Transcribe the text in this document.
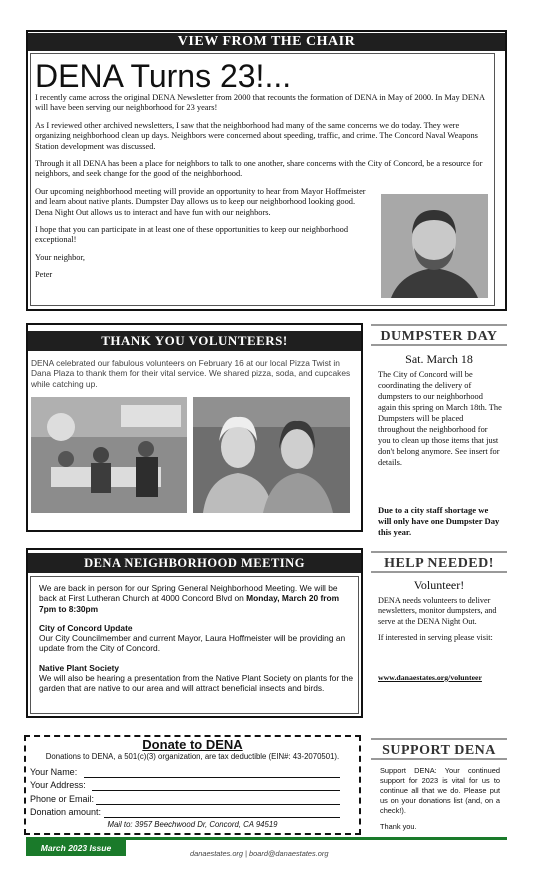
VIEW FROM THE CHAIR
DENA Turns 23!...

I recently came across the original DENA Newsletter from 2000 that recounts the formation of DENA in May of 2000. In May DENA will have been serving our neighborhood for 23 years!

As I reviewed other archived newsletters, I saw that the neighborhood had many of the same concerns we do today. They were organizing neighborhood clean up days. Neighbors were concerned about speeding, traffic, and crime. The Concord Naval Weapons Station development was discussed.

Through it all DENA has been a place for neighbors to talk to one another, share concerns with the City of Concord, be a resource for neighbors, and seek change for the good of the neighborhood.

Our upcoming neighborhood meeting will provide an opportunity to hear from Mayor Hoffmeister and learn about native plants. Dumpster Day allows us to keep our neighborhood looking good. Dena Night Out allows us to interact and have fun with our neighbors.

I hope that you can participate in at least one of these opportunities to keep our neighborhood exceptional!

Your neighbor,

Peter

THANK YOU VOLUNTEERS!
DENA celebrated our fabulous volunteers on February 16 at our local Pizza Twist in Dana Plaza to thank them for their vital service. We shared pizza, soda, and cupcakes while catching up.
DUMPSTER DAY
Sat. March 18
The City of Concord will be coordinating the delivery of dumpsters to our neighborhood again this spring on March 18th. The Dumpsters will be placed throughout the neighborhood for you to clean up those items that just don't belong anymore. See insert for details.
Due to a city staff shortage we will only have one Dumpster Day this year.
DENA NEIGHBORHOOD MEETING

We are back in person for our Spring General Neighborhood Meeting. We will be back at First Lutheran Church at 4000 Concord Blvd on Monday, March 20 from 7pm to 8:30pm

City of Concord Update
Our City Councilmember and current Mayor, Laura Hoffmeister will be providing an update from the City of Concord.

Native Plant Society
We will also be hearing a presentation from the Native Plant Society on plants for the garden that are native to our area and will attract beneficial insects and birds.

HELP NEEDED!
Volunteer!
DENA needs volunteers to deliver newsletters, monitor dumpsters, and serve at the DENA Night Out.
If interested in serving please visit:
www.danaestates.org/volunteer
Donate to DENA
Donations to DENA, a 501(c)(3) organization, are tax deductible (EIN#: 43-2070501).
Your Name:
Your Address:
Phone or Email:
Donation amount:
Mail to: 3957 Beechwood Dr, Concord, CA 94519
SUPPORT DENA
Support DENA: Your continued support for 2023 is vital for us to continue all that we do. Please put us on your donations list (and, on a check!).
Thank you.
March 2023 Issue
danaestates.org | board@danaestates.org
